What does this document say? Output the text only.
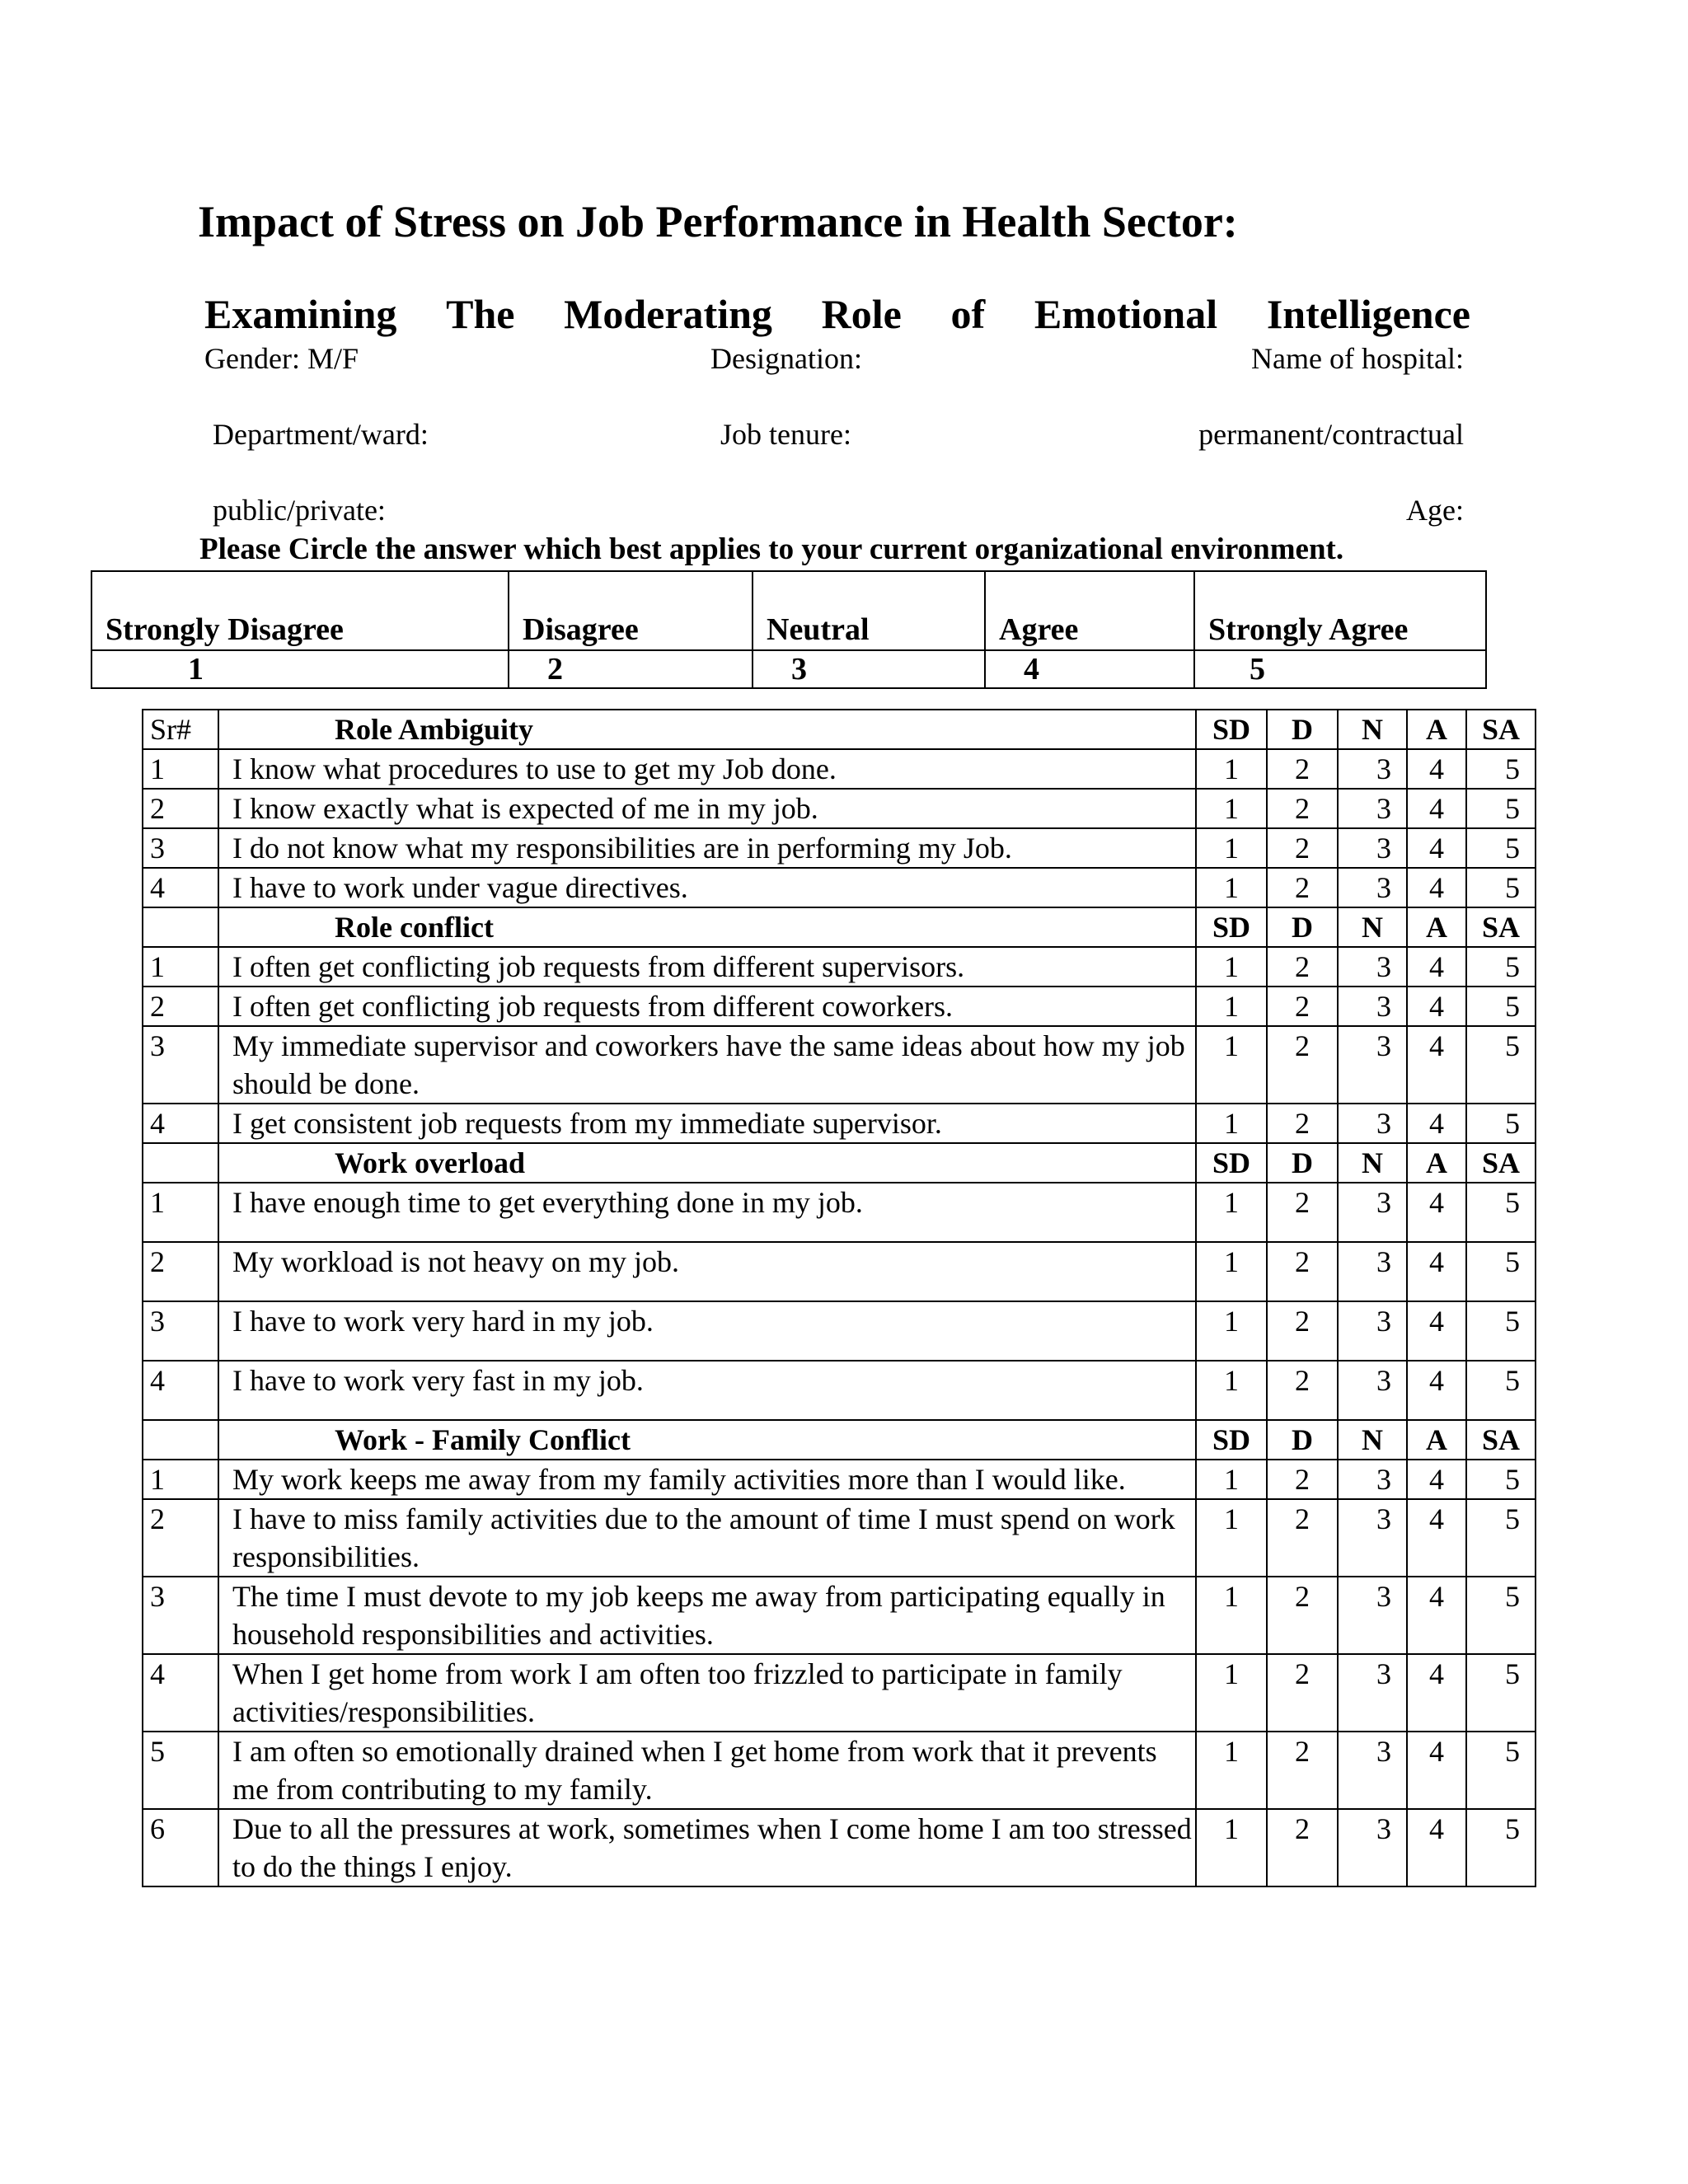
Impact of Stress on Job Performance in Health Sector:
Examining The Moderating Role of Emotional Intelligence
Gender: M/F	Designation:	Name of hospital:
Department/ward:	Job tenure:	permanent/contractual
public/private:	Age:
Please Circle the answer which best applies to your current organizational environment.
Strongly Disagree	Disagree	Neutral	Agree	Strongly Agree
1	2	3	4	5
Sr#	Role Ambiguity	SD	D	N	A	SA
1	I know what procedures to use to get my Job done.	1	2	3	4	5
2	I know exactly what is expected of me in my job.	1	2	3	4	5
3	I do not know what my responsibilities are in performing my Job.	1	2	3	4	5
4	I have to work under vague directives.	1	2	3	4	5
	Role conflict	SD	D	N	A	SA
1	I often get conflicting job requests from different supervisors.	1	2	3	4	5
2	I often get conflicting job requests from different coworkers.	1	2	3	4	5
3	My immediate supervisor and coworkers have the same ideas about how my job should be done.	1	2	3	4	5
4	I get consistent job requests from my immediate supervisor.	1	2	3	4	5
	Work overload	SD	D	N	A	SA
1	I have enough time to get everything done in my job.	1	2	3	4	5
2	My workload is not heavy on my job.	1	2	3	4	5
3	I have to work very hard in my job.	1	2	3	4	5
4	I have to work very fast in my job.	1	2	3	4	5
	Work - Family Conflict	SD	D	N	A	SA
1	My work keeps me away from my family activities more than I would like.	1	2	3	4	5
2	I have to miss family activities due to the amount of time I must spend on work responsibilities.	1	2	3	4	5
3	The time I must devote to my job keeps me away from participating equally in household responsibilities and activities.	1	2	3	4	5
4	When I get home from work I am often too frizzled to participate in family activities/responsibilities.	1	2	3	4	5
5	I am often so emotionally drained when I get home from work that it prevents me from contributing to my family.	1	2	3	4	5
6	Due to all the pressures at work, sometimes when I come home I am too stressed to do the things I enjoy.	1	2	3	4	5
